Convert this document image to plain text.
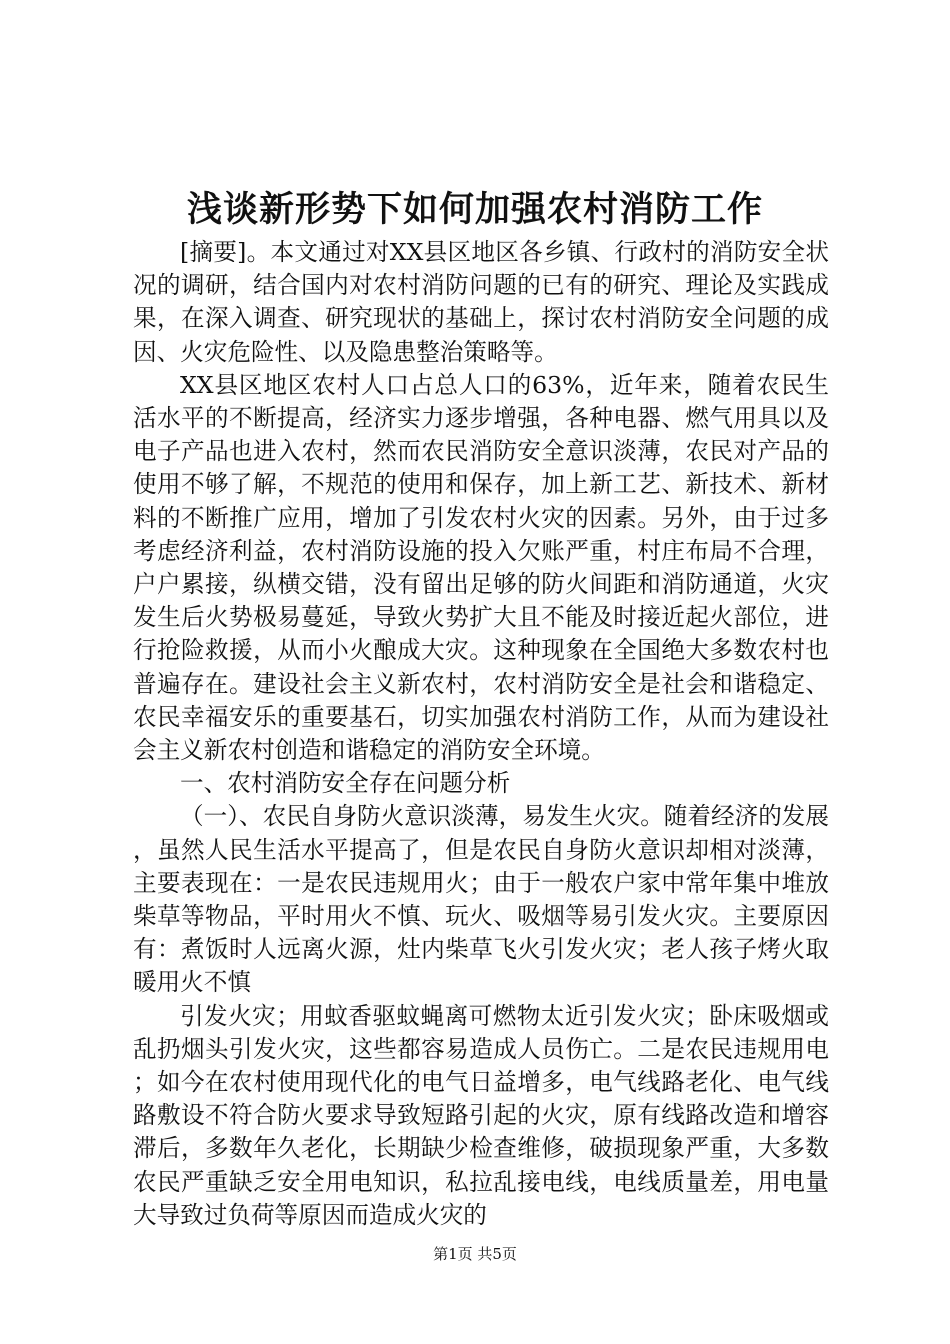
浅谈新形势下如何加强农村消防工作

[摘要]。本文通过对XX县区地区各乡镇、行政村的消防安全状况的调研，结合国内对农村消防问题的已有的研究、理论及实践成果，在深入调查、研究现状的基础上，探讨农村消防安全问题的成因、火灾危险性、以及隐患整治策略等。

XX县区地区农村人口占总人口的63%，近年来，随着农民生活水平的不断提高，经济实力逐步增强，各种电器、燃气用具以及电子产品也进入农村，然而农民消防安全意识淡薄，农民对产品的使用不够了解，不规范的使用和保存，加上新工艺、新技术、新材料的不断推广应用，增加了引发农村火灾的因素。另外，由于过多考虑经济利益，农村消防设施的投入欠账严重，村庄布局不合理，户户累接，纵横交错，没有留出足够的防火间距和消防通道，火灾发生后火势极易蔓延，导致火势扩大且不能及时接近起火部位，进行抢险救援，从而小火酿成大灾。这种现象在全国绝大多数农村也普遍存在。建设社会主义新农村，农村消防安全是社会和谐稳定、农民幸福安乐的重要基石，切实加强农村消防工作，从而为建设社会主义新农村创造和谐稳定的消防安全环境。

一、农村消防安全存在问题分析

（一）、农民自身防火意识淡薄，易发生火灾。随着经济的发展，虽然人民生活水平提高了，但是农民自身防火意识却相对淡薄，主要表现在：一是农民违规用火；由于一般农户家中常年集中堆放柴草等物品，平时用火不慎、玩火、吸烟等易引发火灾。主要原因有：煮饭时人远离火源，灶内柴草飞火引发火灾；老人孩子烤火取暖用火不慎

引发火灾；用蚊香驱蚊蝇离可燃物太近引发火灾；卧床吸烟或乱扔烟头引发火灾，这些都容易造成人员伤亡。二是农民违规用电；如今在农村使用现代化的电气日益增多，电气线路老化、电气线路敷设不符合防火要求导致短路引起的火灾，原有线路改造和增容滞后，多数年久老化，长期缺少检查维修，破损现象严重，大多数农民严重缺乏安全用电知识，私拉乱接电线，电线质量差，用电量大导致过负荷等原因而造成火灾的

第1页 共5页
